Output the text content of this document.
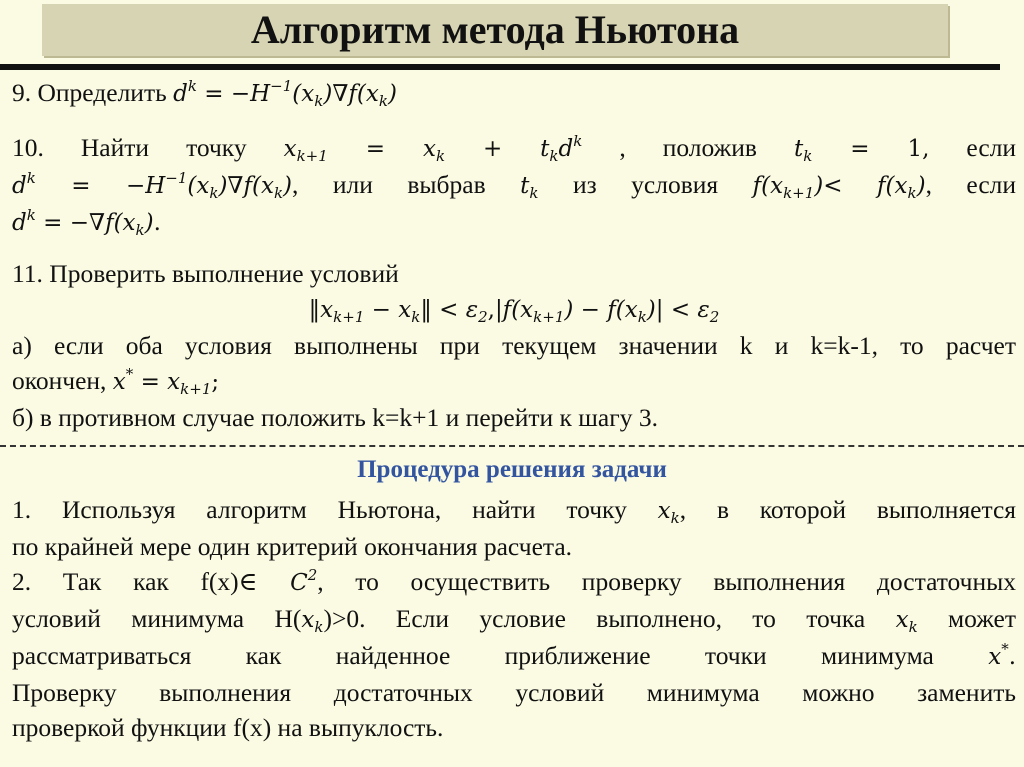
Алгоритм метода Ньютона
9. Определить $d^k = -H^{-1}(x_k)\nabla f(x_k)$
10. Найти точку $x_{k+1} = x_k + t_kd^k$ , положив $t_k = 1$, если
$d^k = -H^{-1}(x_k)\nabla f(x_k)$, или выбрав $t_k$ из условия $f(x_{k+1})< f(x_k)$, если
$d^k = -\nabla f(x_k)$.
11. Проверить выполнение условий
$‖x_{k+1}$ − $x_k‖ < \varepsilon_2,|f(x_{k+1}) - f(x_k)| < \varepsilon_2$
а) если оба условия выполнены при текущем значении k и k=k-1, то расчет
окончен, $x^* = x_{k+1}$;
б) в противном случае положить k=k+1 и перейти к шагу 3.
Процедура решения задачи
1. Используя алгоритм Ньютона, найти точку $x_k$, в которой выполняется
по крайней мере один критерий окончания расчета.
2. Так как f(x)∈ $C^2$, то осуществить проверку выполнения достаточных
условий минимума $H(x_k)>0$. Если условие выполнено, то точка $x_k$ может
рассматриваться как найденное приближение точки минимума x*.
Проверку выполнения достаточных условий минимума можно заменить
проверкой функции f(x) на выпуклость.
